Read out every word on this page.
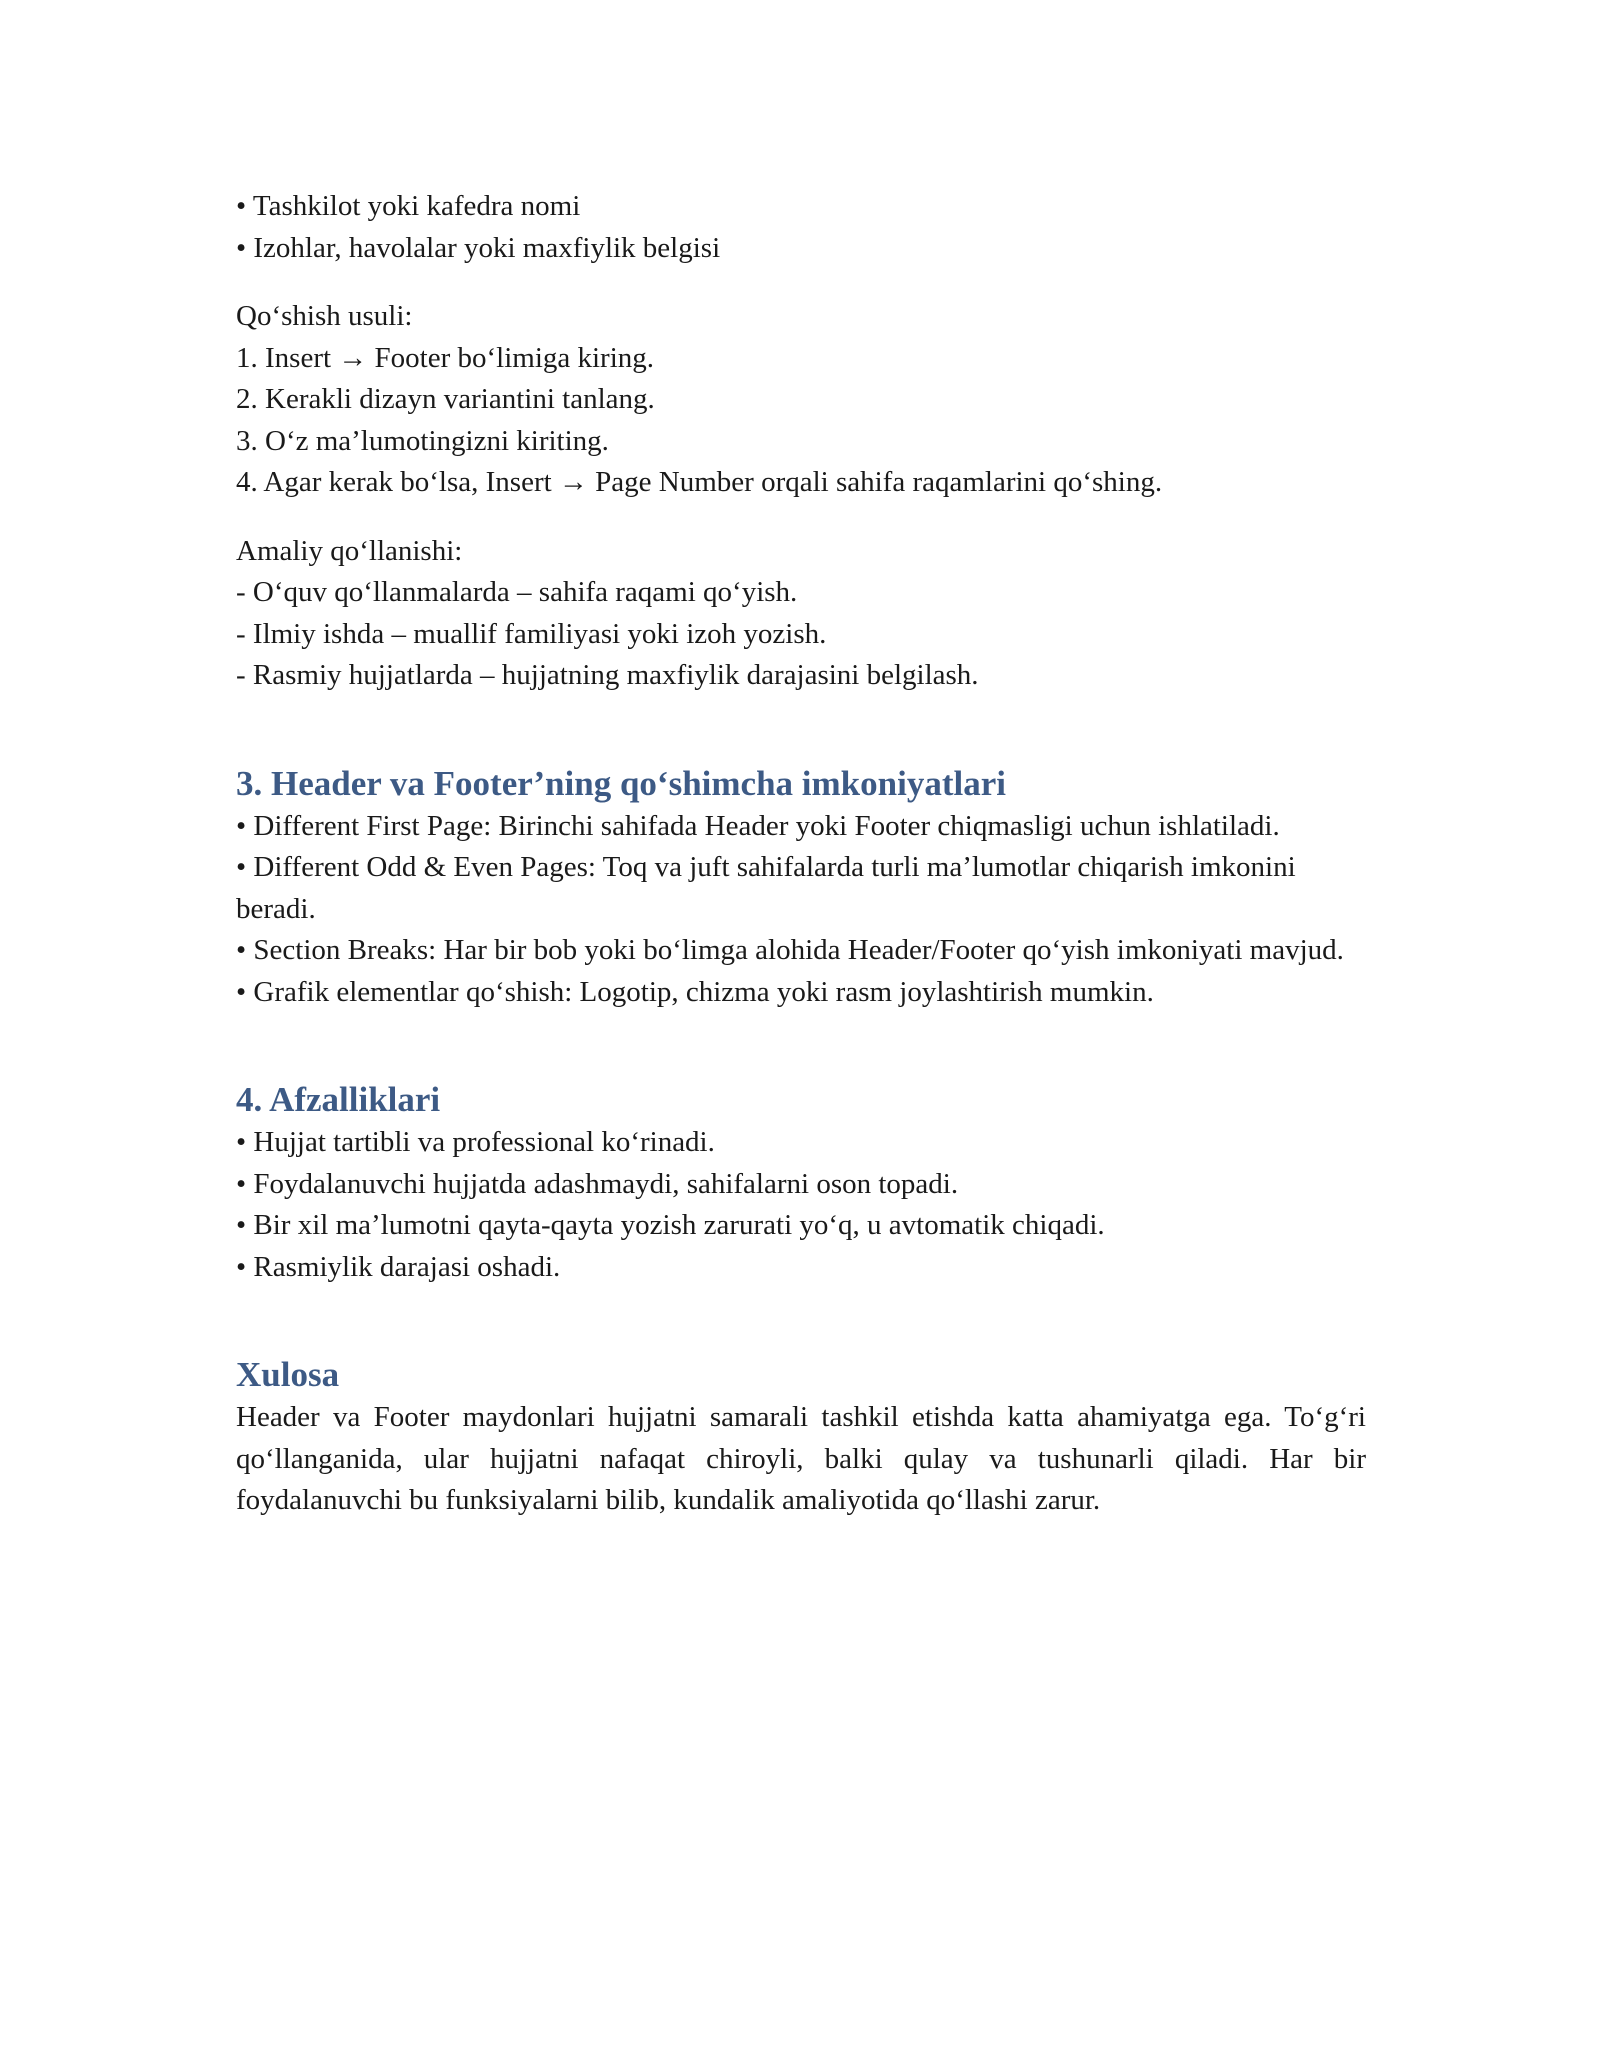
• Tashkilot yoki kafedra nomi

• Izohlar, havolalar yoki maxfiylik belgisi

Qo‘shish usuli:

1. Insert → Footer bo‘limiga kiring.

2. Kerakli dizayn variantini tanlang.

3. O‘z ma’lumotingizni kiriting.

4. Agar kerak bo‘lsa, Insert → Page Number orqali sahifa raqamlarini qo‘shing.

Amaliy qo‘llanishi:

- O‘quv qo‘llanmalarda – sahifa raqami qo‘yish.

- Ilmiy ishda – muallif familiyasi yoki izoh yozish.

- Rasmiy hujjatlarda – hujjatning maxfiylik darajasini belgilash.

3. Header va Footer’ning qo‘shimcha imkoniyatlari

• Different First Page: Birinchi sahifada Header yoki Footer chiqmasligi uchun ishlatiladi.

• Different Odd & Even Pages: Toq va juft sahifalarda turli ma’lumotlar chiqarish imkonini beradi.

• Section Breaks: Har bir bob yoki bo‘limga alohida Header/Footer qo‘yish imkoniyati mavjud.

• Grafik elementlar qo‘shish: Logotip, chizma yoki rasm joylashtirish mumkin.

4. Afzalliklari

• Hujjat tartibli va professional ko‘rinadi.

• Foydalanuvchi hujjatda adashmaydi, sahifalarni oson topadi.

• Bir xil ma’lumotni qayta-qayta yozish zarurati yo‘q, u avtomatik chiqadi.

• Rasmiylik darajasi oshadi.

Xulosa

Header va Footer maydonlari hujjatni samarali tashkil etishda katta ahamiyatga ega. To‘g‘ri qo‘llanganida, ular hujjatni nafaqat chiroyli, balki qulay va tushunarli qiladi. Har bir foydalanuvchi bu funksiyalarni bilib, kundalik amaliyotida qo‘llashi zarur.
